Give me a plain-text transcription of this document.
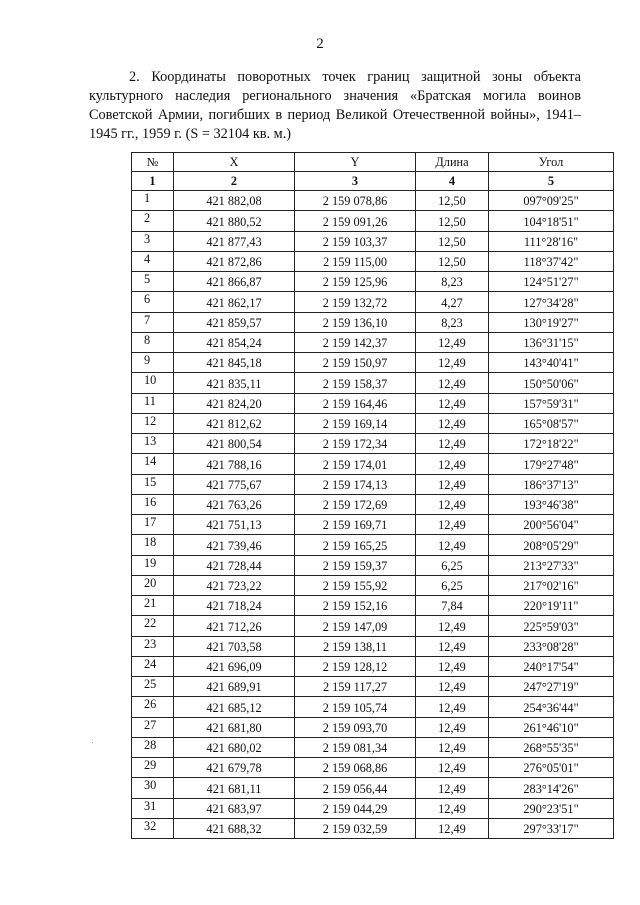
2

2. Координаты поворотных точек границ защитной зоны объекта культурного наследия регионального значения «Братская могила воинов Советской Армии, погибших в период Великой Отечественной войны», 1941–1945 гг., 1959 г. (S = 32104 кв. м.)

№	X	Y	Длина	Угол
1	2	3	4	5
1	421 882,08	2 159 078,86	12,50	097°09'25"
2	421 880,52	2 159 091,26	12,50	104°18'51"
3	421 877,43	2 159 103,37	12,50	111°28'16"
4	421 872,86	2 159 115,00	12,50	118°37'42"
5	421 866,87	2 159 125,96	8,23	124°51'27"
6	421 862,17	2 159 132,72	4,27	127°34'28"
7	421 859,57	2 159 136,10	8,23	130°19'27"
8	421 854,24	2 159 142,37	12,49	136°31'15"
9	421 845,18	2 159 150,97	12,49	143°40'41"
10	421 835,11	2 159 158,37	12,49	150°50'06"
11	421 824,20	2 159 164,46	12,49	157°59'31"
12	421 812,62	2 159 169,14	12,49	165°08'57"
13	421 800,54	2 159 172,34	12,49	172°18'22"
14	421 788,16	2 159 174,01	12,49	179°27'48"
15	421 775,67	2 159 174,13	12,49	186°37'13"
16	421 763,26	2 159 172,69	12,49	193°46'38"
17	421 751,13	2 159 169,71	12,49	200°56'04"
18	421 739,46	2 159 165,25	12,49	208°05'29"
19	421 728,44	2 159 159,37	6,25	213°27'33"
20	421 723,22	2 159 155,92	6,25	217°02'16"
21	421 718,24	2 159 152,16	7,84	220°19'11"
22	421 712,26	2 159 147,09	12,49	225°59'03"
23	421 703,58	2 159 138,11	12,49	233°08'28"
24	421 696,09	2 159 128,12	12,49	240°17'54"
25	421 689,91	2 159 117,27	12,49	247°27'19"
26	421 685,12	2 159 105,74	12,49	254°36'44"
27	421 681,80	2 159 093,70	12,49	261°46'10"
28	421 680,02	2 159 081,34	12,49	268°55'35"
29	421 679,78	2 159 068,86	12,49	276°05'01"
30	421 681,11	2 159 056,44	12,49	283°14'26"
31	421 683,97	2 159 044,29	12,49	290°23'51"
32	421 688,32	2 159 032,59	12,49	297°33'17"
